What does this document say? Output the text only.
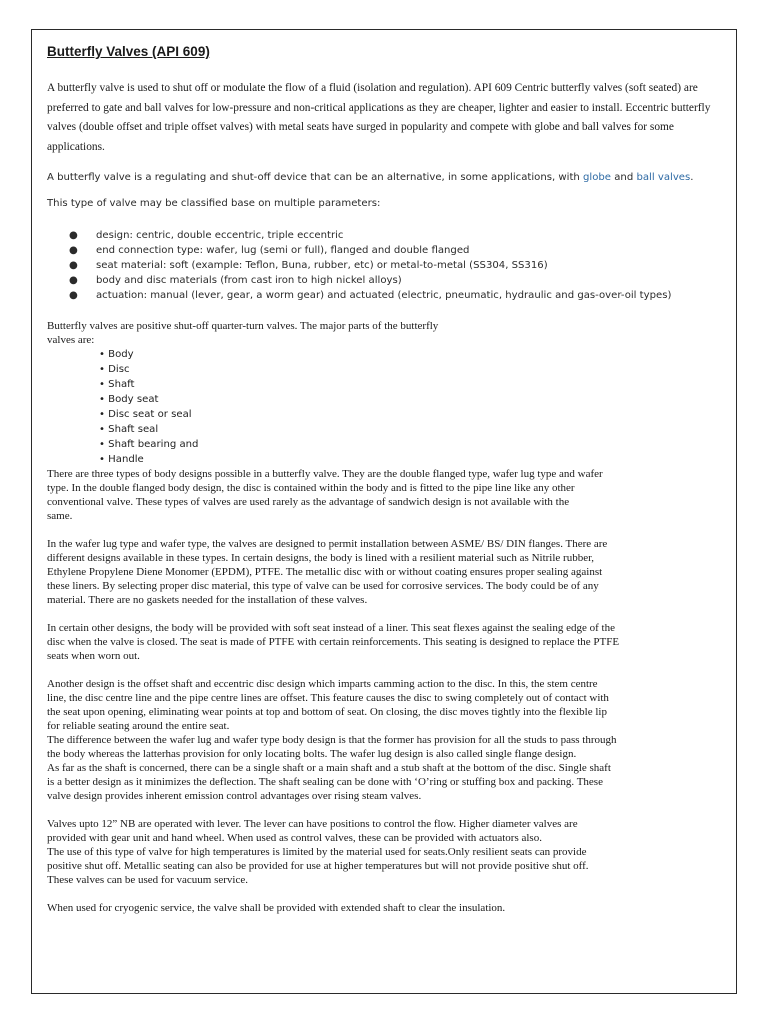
Butterfly Valves (API 609)

A butterfly valve is used to shut off or modulate the flow of a fluid (isolation and regulation). API 609 Centric butterfly valves (soft seated) are preferred to gate and ball valves for low-pressure and non-critical applications as they are cheaper, lighter and easier to install. Eccentric butterfly valves (double offset and triple offset valves) with metal seats have surged in popularity and compete with globe and ball valves for some applications.

A butterfly valve is a regulating and shut-off device that can be an alternative, in some applications, with globe and ball valves.

This type of valve may be classified base on multiple parameters:

● design: centric, double eccentric, triple eccentric
● end connection type: wafer, lug (semi or full), flanged and double flanged
● seat material: soft (example: Teflon, Buna, rubber, etc) or metal-to-metal (SS304, SS316)
● body and disc materials (from cast iron to high nickel alloys)
● actuation: manual (lever, gear, a worm gear) and actuated (electric, pneumatic, hydraulic and gas-over-oil types)

Butterfly valves are positive shut-off quarter-turn valves. The major parts of the butterfly

valves are:

• Body
• Disc
• Shaft
• Body seat
• Disc seat or seal
• Shaft seal
• Shaft bearing and
• Handle

There are three types of body designs possible in a butterfly valve. They are the double flanged type, wafer lug type and wafer

type. In the double flanged body design, the disc is contained within the body and is fitted to the pipe line like any other

conventional valve. These types of valves are used rarely as the advantage of sandwich design is not available with the

same.

In the wafer lug type and wafer type, the valves are designed to permit installation between ASME/ BS/ DIN flanges. There are

different designs available in these types. In certain designs, the body is lined with a resilient material such as Nitrile rubber,

Ethylene Propylene Diene Monomer (EPDM), PTFE. The metallic disc with or without coating ensures proper sealing against

these liners. By selecting proper disc material, this type of valve can be used for corrosive services. The body could be of any

material. There are no gaskets needed for the installation of these valves.

In certain other designs, the body will be provided with soft seat instead of a liner. This seat flexes against the sealing edge of the

disc when the valve is closed. The seat is made of PTFE with certain reinforcements. This seating is designed to replace the PTFE

seats when worn out.

Another design is the offset shaft and eccentric disc design which imparts camming action to the disc. In this, the stem centre

line, the disc centre line and the pipe centre lines are offset. This feature causes the disc to swing completely out of contact with

the seat upon opening, eliminating wear points at top and bottom of seat. On closing, the disc moves tightly into the flexible lip

for reliable seating around the entire seat.

The difference between the wafer lug and wafer type body design is that the former has provision for all the studs to pass through

the body whereas the latterhas provision for only locating bolts. The wafer lug design is also called single flange design.

As far as the shaft is concerned, there can be a single shaft or a main shaft and a stub shaft at the bottom of the disc. Single shaft

is a better design as it minimizes the deflection. The shaft sealing can be done with ‘O’ring or stuffing box and packing. These

valve design provides inherent emission control advantages over rising steam valves.

Valves upto 12” NB are operated with lever. The lever can have positions to control the flow. Higher diameter valves are

provided with gear unit and hand wheel. When used as control valves, these can be provided with actuators also.

The use of this type of valve for high temperatures is limited by the material used for seats.Only resilient seats can provide

positive shut off. Metallic seating can also be provided for use at higher temperatures but will not provide positive shut off.

These valves can be used for vacuum service.

When used for cryogenic service, the valve shall be provided with extended shaft to clear the insulation.
